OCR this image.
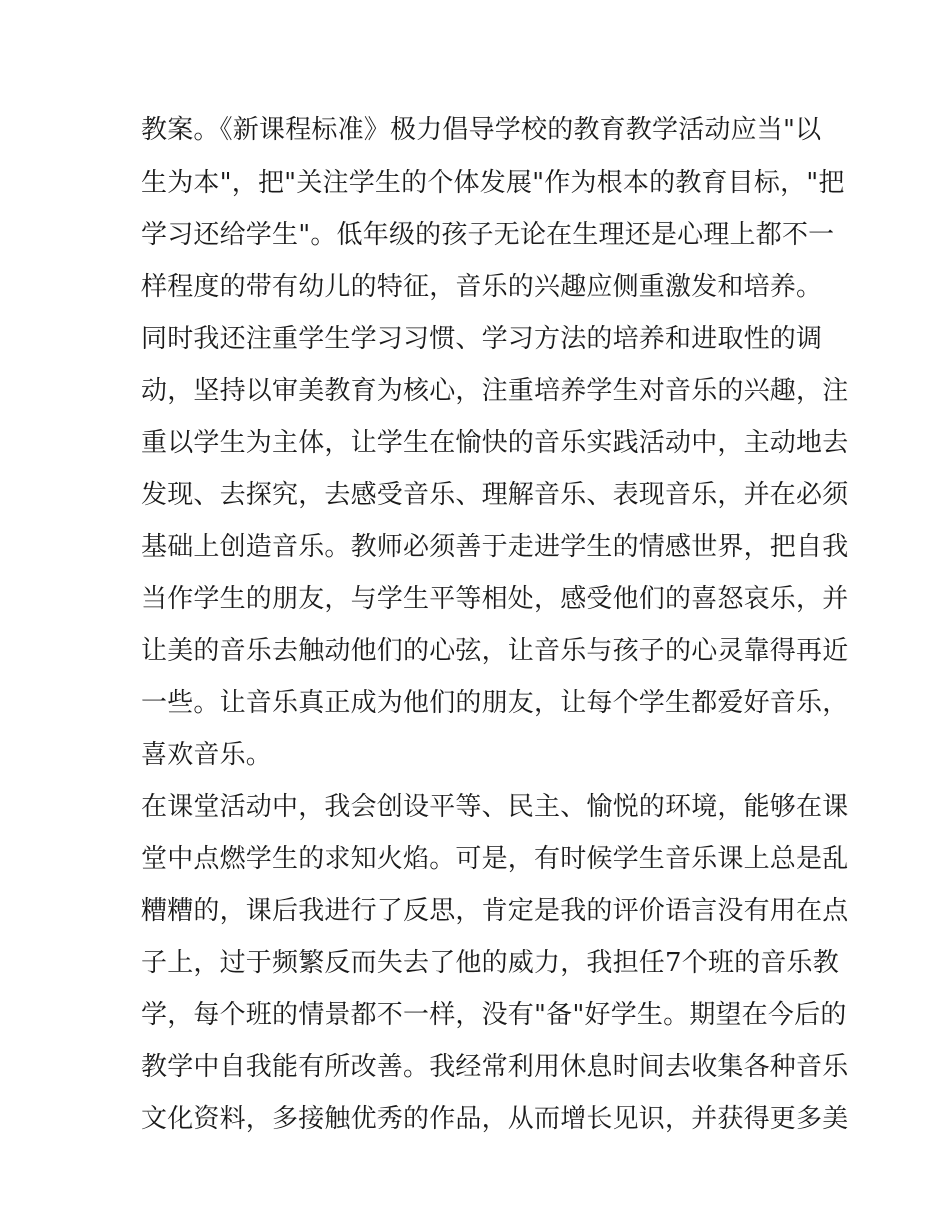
教案。《新课程标准》极力倡导学校的教育教学活动应当"以
生为本"，把"关注学生的个体发展"作为根本的教育目标，"把
学习还给学生"。低年级的孩子无论在生理还是心理上都不一
样程度的带有幼儿的特征，音乐的兴趣应侧重激发和培养。
同时我还注重学生学习习惯、学习方法的培养和进取性的调
动，坚持以审美教育为核心，注重培养学生对音乐的兴趣，注
重以学生为主体，让学生在愉快的音乐实践活动中，主动地去
发现、去探究，去感受音乐、理解音乐、表现音乐，并在必须
基础上创造音乐。教师必须善于走进学生的情感世界，把自我
当作学生的朋友，与学生平等相处，感受他们的喜怒哀乐，并
让美的音乐去触动他们的心弦，让音乐与孩子的心灵靠得再近
一些。让音乐真正成为他们的朋友，让每个学生都爱好音乐，
喜欢音乐。
在课堂活动中，我会创设平等、民主、愉悦的环境，能够在课
堂中点燃学生的求知火焰。可是，有时候学生音乐课上总是乱
糟糟的，课后我进行了反思，肯定是我的评价语言没有用在点
子上，过于频繁反而失去了他的威力，我担任7个班的音乐教
学，每个班的情景都不一样，没有"备"好学生。期望在今后的
教学中自我能有所改善。我经常利用休息时间去收集各种音乐
文化资料，多接触优秀的作品，从而增长见识，并获得更多美
